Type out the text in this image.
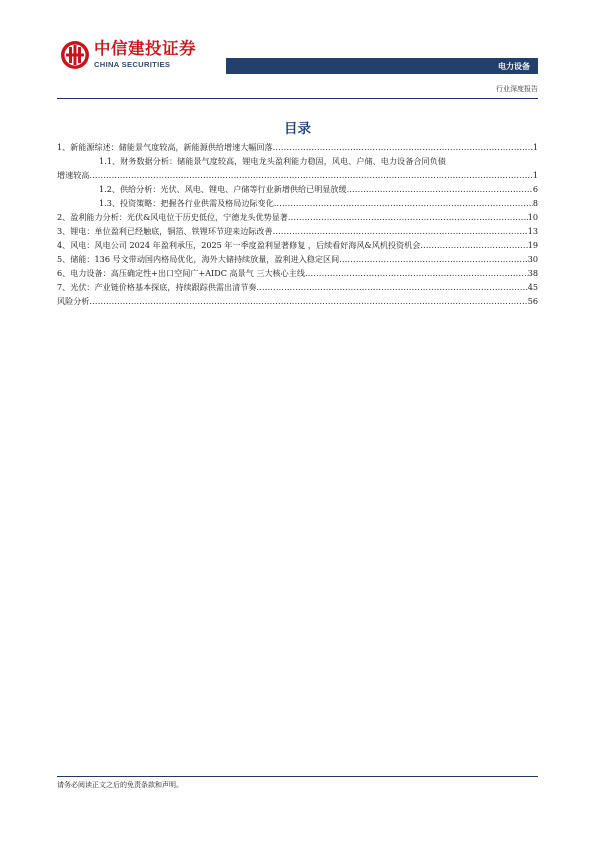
中信建投证券
CHINA SECURITIES	电力设备
行业深度报告
目录
1、新能源综述：储能景气度较高，新能源供给增速大幅回落 .....	1
1.1、财务数据分析：储能景气度较高，锂电龙头盈利能力稳固，风电、户储、电力设备合同负债
增速较高 .....	1
1.2、供给分析：光伏、风电、锂电、户储等行业新增供给已明显放缓 .....	6
1.3、投资策略：把握各行业供需及格局边际变化 .....	8
2、盈利能力分析：光伏&风电位于历史低位，宁德龙头优势显著 .....	10
3、锂电：单位盈利已经触底，铜箔、铁锂环节迎来边际改善 .....	13
4、风电：风电公司 2024 年盈利承压，2025 年一季度盈利显著修复 ，后续看好海风&风机投资机会 .....	19
5、储能：136 号文带动国内格局优化，海外大储持续放量，盈利进入稳定区间 .....	30
6、电力设备：高压确定性+出口空间广+AIDC 高景气 三大核心主线 .....	38
7、光伏：产业链价格基本探底，持续跟踪供需出清节奏 .....	45
风险分析 .....	56
请务必阅读正文之后的免责条款和声明。
